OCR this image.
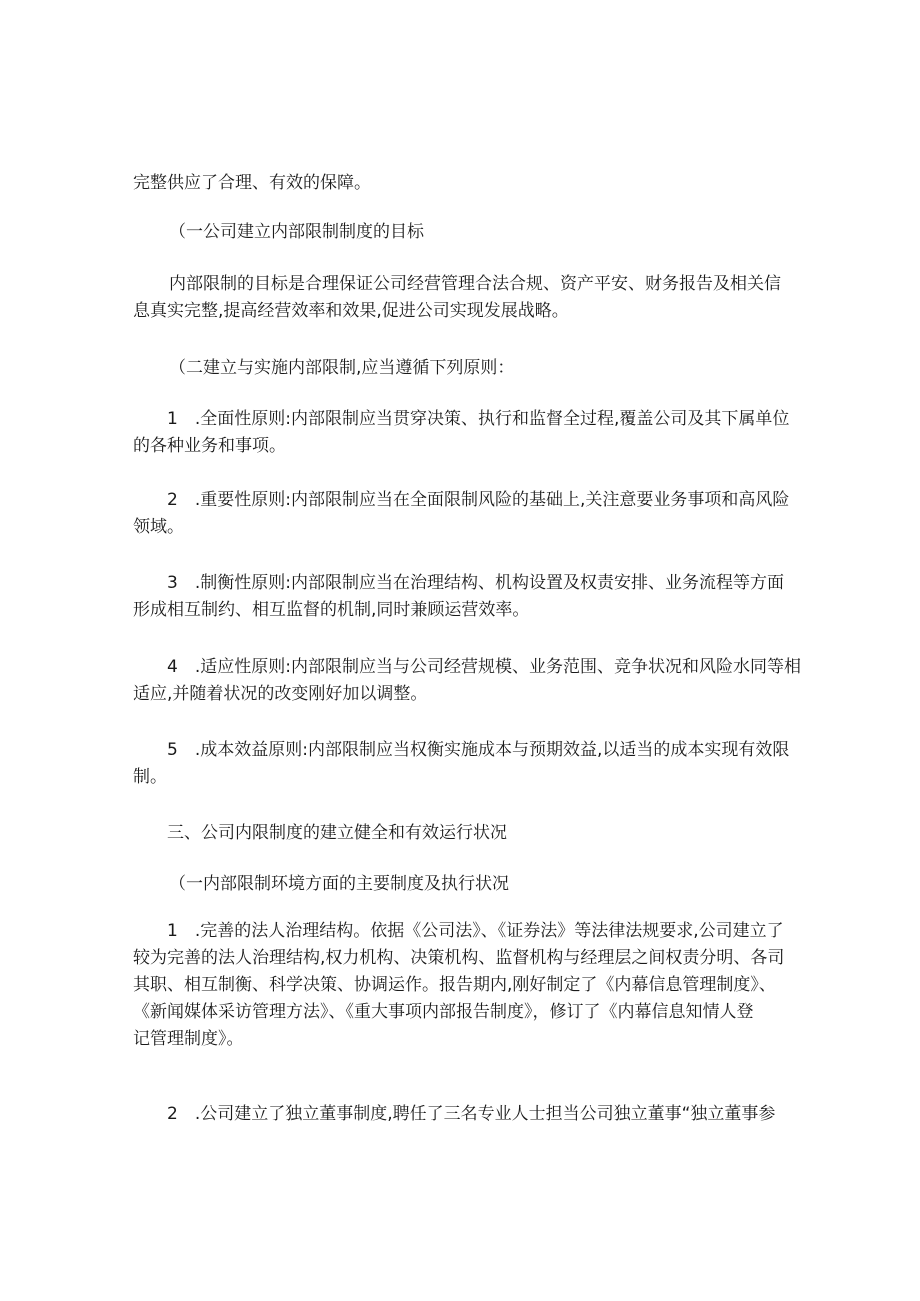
完整供应了合理、有效的保障。
（一公司建立内部限制制度的目标
内部限制的目标是合理保证公司经营管理合法合规、资产平安、财务报告及相关信
息真实完整,提高经营效率和效果,促进公司实现发展战略。
（二建立与实施内部限制,应当遵循下列原则：
1　.全面性原则:内部限制应当贯穿决策、执行和监督全过程,覆盖公司及其下属单位
的各种业务和事项。
2　.重要性原则:内部限制应当在全面限制风险的基础上,关注意要业务事项和高风险
领域。
3　.制衡性原则:内部限制应当在治理结构、机构设置及权责安排、业务流程等方面
形成相互制约、相互监督的机制,同时兼顾运营效率。
4　.适应性原则:内部限制应当与公司经营规模、业务范围、竞争状况和风险水同等相
适应,并随着状况的改变刚好加以调整。
5　.成本效益原则:内部限制应当权衡实施成本与预期效益,以适当的成本实现有效限
制。
三、公司内限制度的建立健全和有效运行状况
（一内部限制环境方面的主要制度及执行状况
1　.完善的法人治理结构。依据《公司法》、《证券法》等法律法规要求,公司建立了
较为完善的法人治理结构,权力机构、决策机构、监督机构与经理层之间权责分明、各司
其职、相互制衡、科学决策、协调运作。报告期内,刚好制定了《内幕信息管理制度》、
《新闻媒体采访管理方法》、《重大事项内部报告制度》，修订了《内幕信息知情人登
记管理制度》。
2　.公司建立了独立董事制度,聘任了三名专业人士担当公司独立董事“独立董事参
